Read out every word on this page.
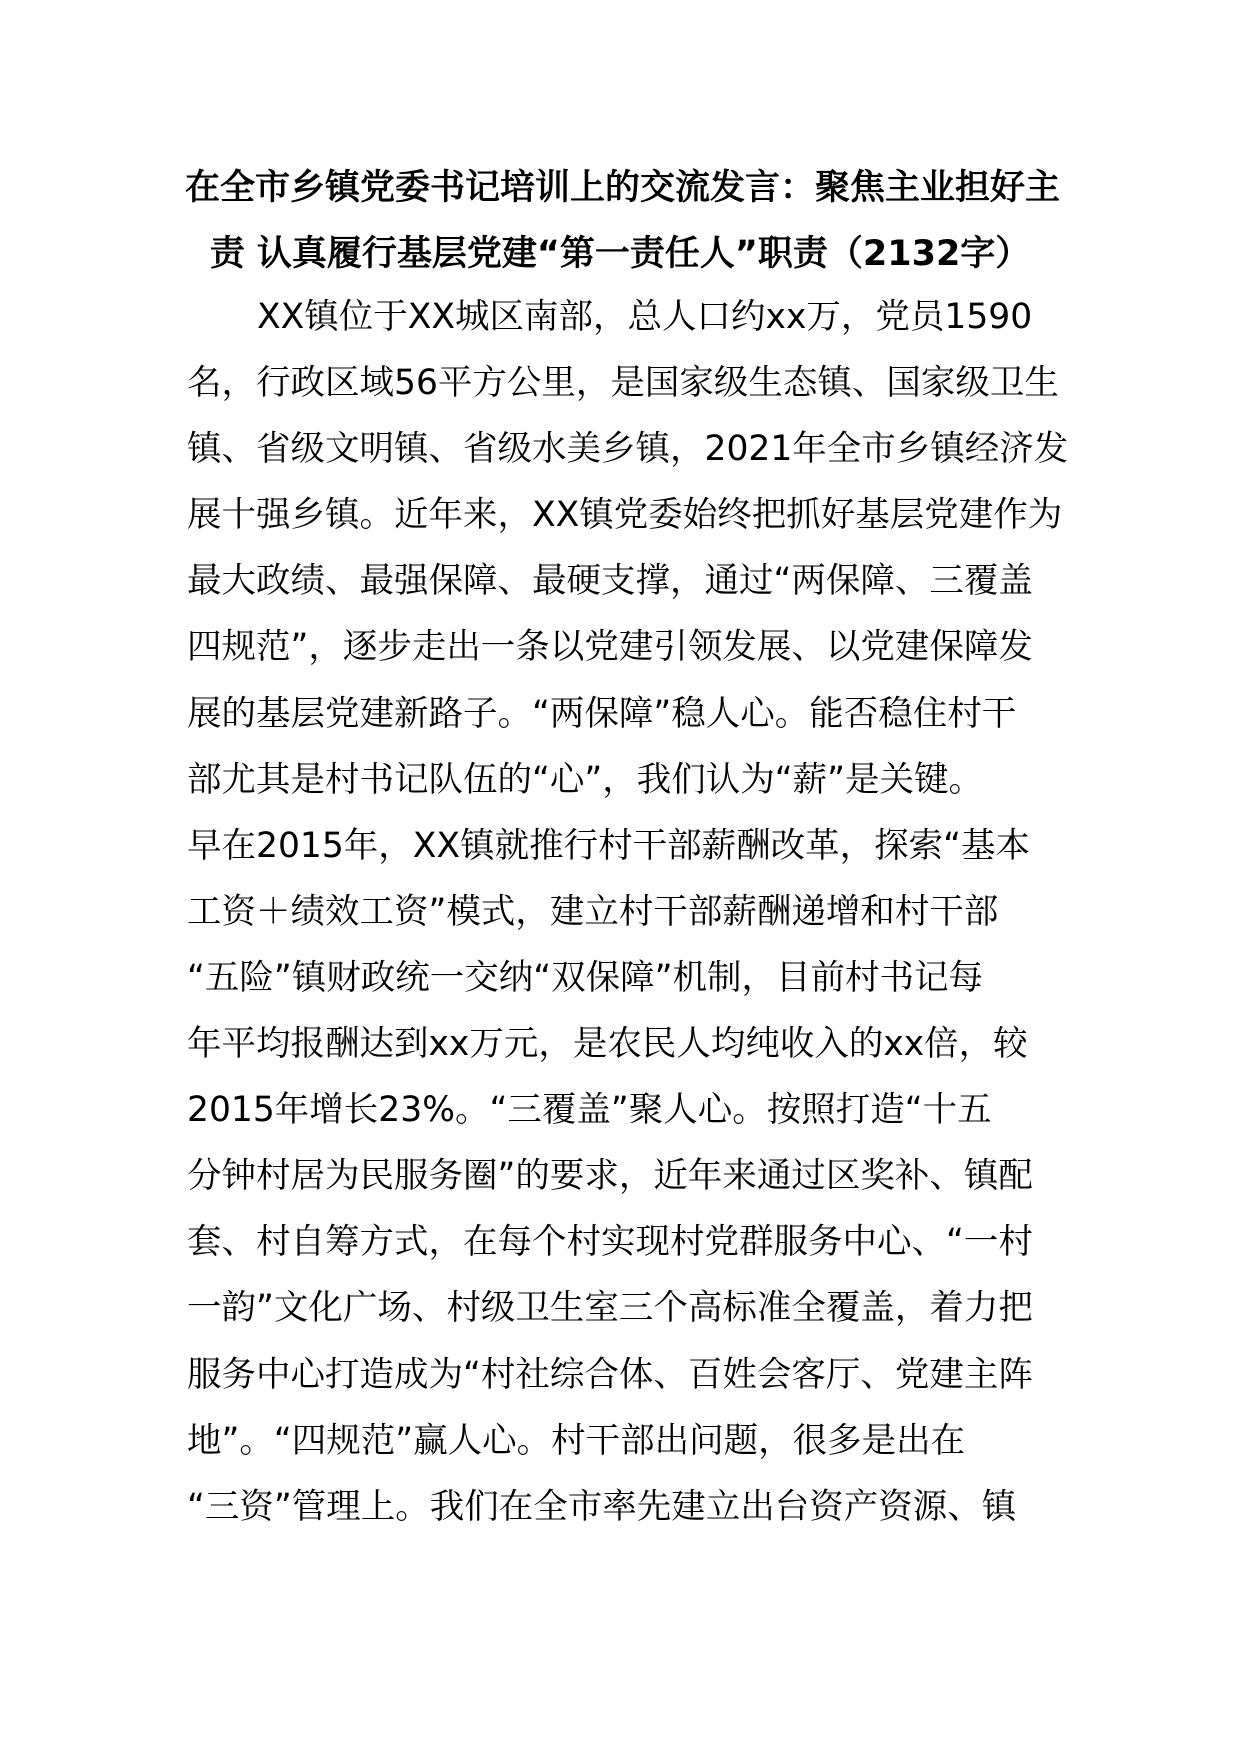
在全市乡镇党委书记培训上的交流发言：聚焦主业担好主
责 认真履行基层党建“第一责任人”职责（2132字）
XX镇位于XX城区南部，总人口约xx万，党员1590
名，行政区域56平方公里，是国家级生态镇、国家级卫生
镇、省级文明镇、省级水美乡镇，2021年全市乡镇经济发
展十强乡镇。近年来，XX镇党委始终把抓好基层党建作为
最大政绩、最强保障、最硬支撑，通过“两保障、三覆盖
四规范”，逐步走出一条以党建引领发展、以党建保障发
展的基层党建新路子。“两保障”稳人心。能否稳住村干
部尤其是村书记队伍的“心”，我们认为“薪”是关键。
早在2015年，XX镇就推行村干部薪酬改革，探索“基本
工资＋绩效工资”模式，建立村干部薪酬递增和村干部
“五险”镇财政统一交纳“双保障”机制，目前村书记每
年平均报酬达到xx万元，是农民人均纯收入的xx倍，较
2015年增长23%。“三覆盖”聚人心。按照打造“十五
分钟村居为民服务圈”的要求，近年来通过区奖补、镇配
套、村自筹方式，在每个村实现村党群服务中心、“一村
一韵”文化广场、村级卫生室三个高标准全覆盖，着力把
服务中心打造成为“村社综合体、百姓会客厅、党建主阵
地”。“四规范”赢人心。村干部出问题，很多是出在
“三资”管理上。我们在全市率先建立出台资产资源、镇
